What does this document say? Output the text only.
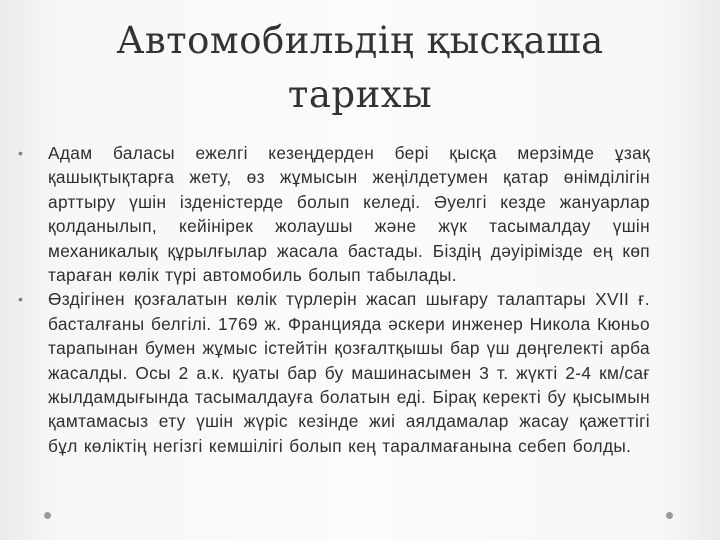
Автомобильдің қысқаша
тарихы
• Адам баласы ежелгі кезеңдерден бері қысқа мерзімде ұзақ қашықтықтарға жету, өз жұмысын жеңілдетумен қатар өнімділігін арттыру үшін ізденістерде болып келеді. Әуелгі кезде жануарлар қолданылып, кейінірек жолаушы және жүк тасымалдау үшін механикалық құрылғылар жасала бастады. Біздің дәуірімізде ең көп тараған көлік түрі автомобиль болып табылады.
• Өздігінен қозғалатын көлік түрлерін жасап шығару талаптары XVII ғ. басталғаны белгілі. 1769 ж. Францияда әскери инженер Никола Кюньо тарапынан бумен жұмыс істейтін қозғалтқышы бар үш дөңгелекті арба жасалды. Осы 2 а.к. қуаты бар бу машинасымен 3 т. жүкті 2-4 км/сағ жылдамдығында тасымалдауға болатын еді. Бірақ керекті бу қысымын қамтамасыз ету үшін жүріс кезінде жиі аялдамалар жасау қажеттігі бұл көліктің негізгі кемшілігі болып кең таралмағанына себеп болды.
